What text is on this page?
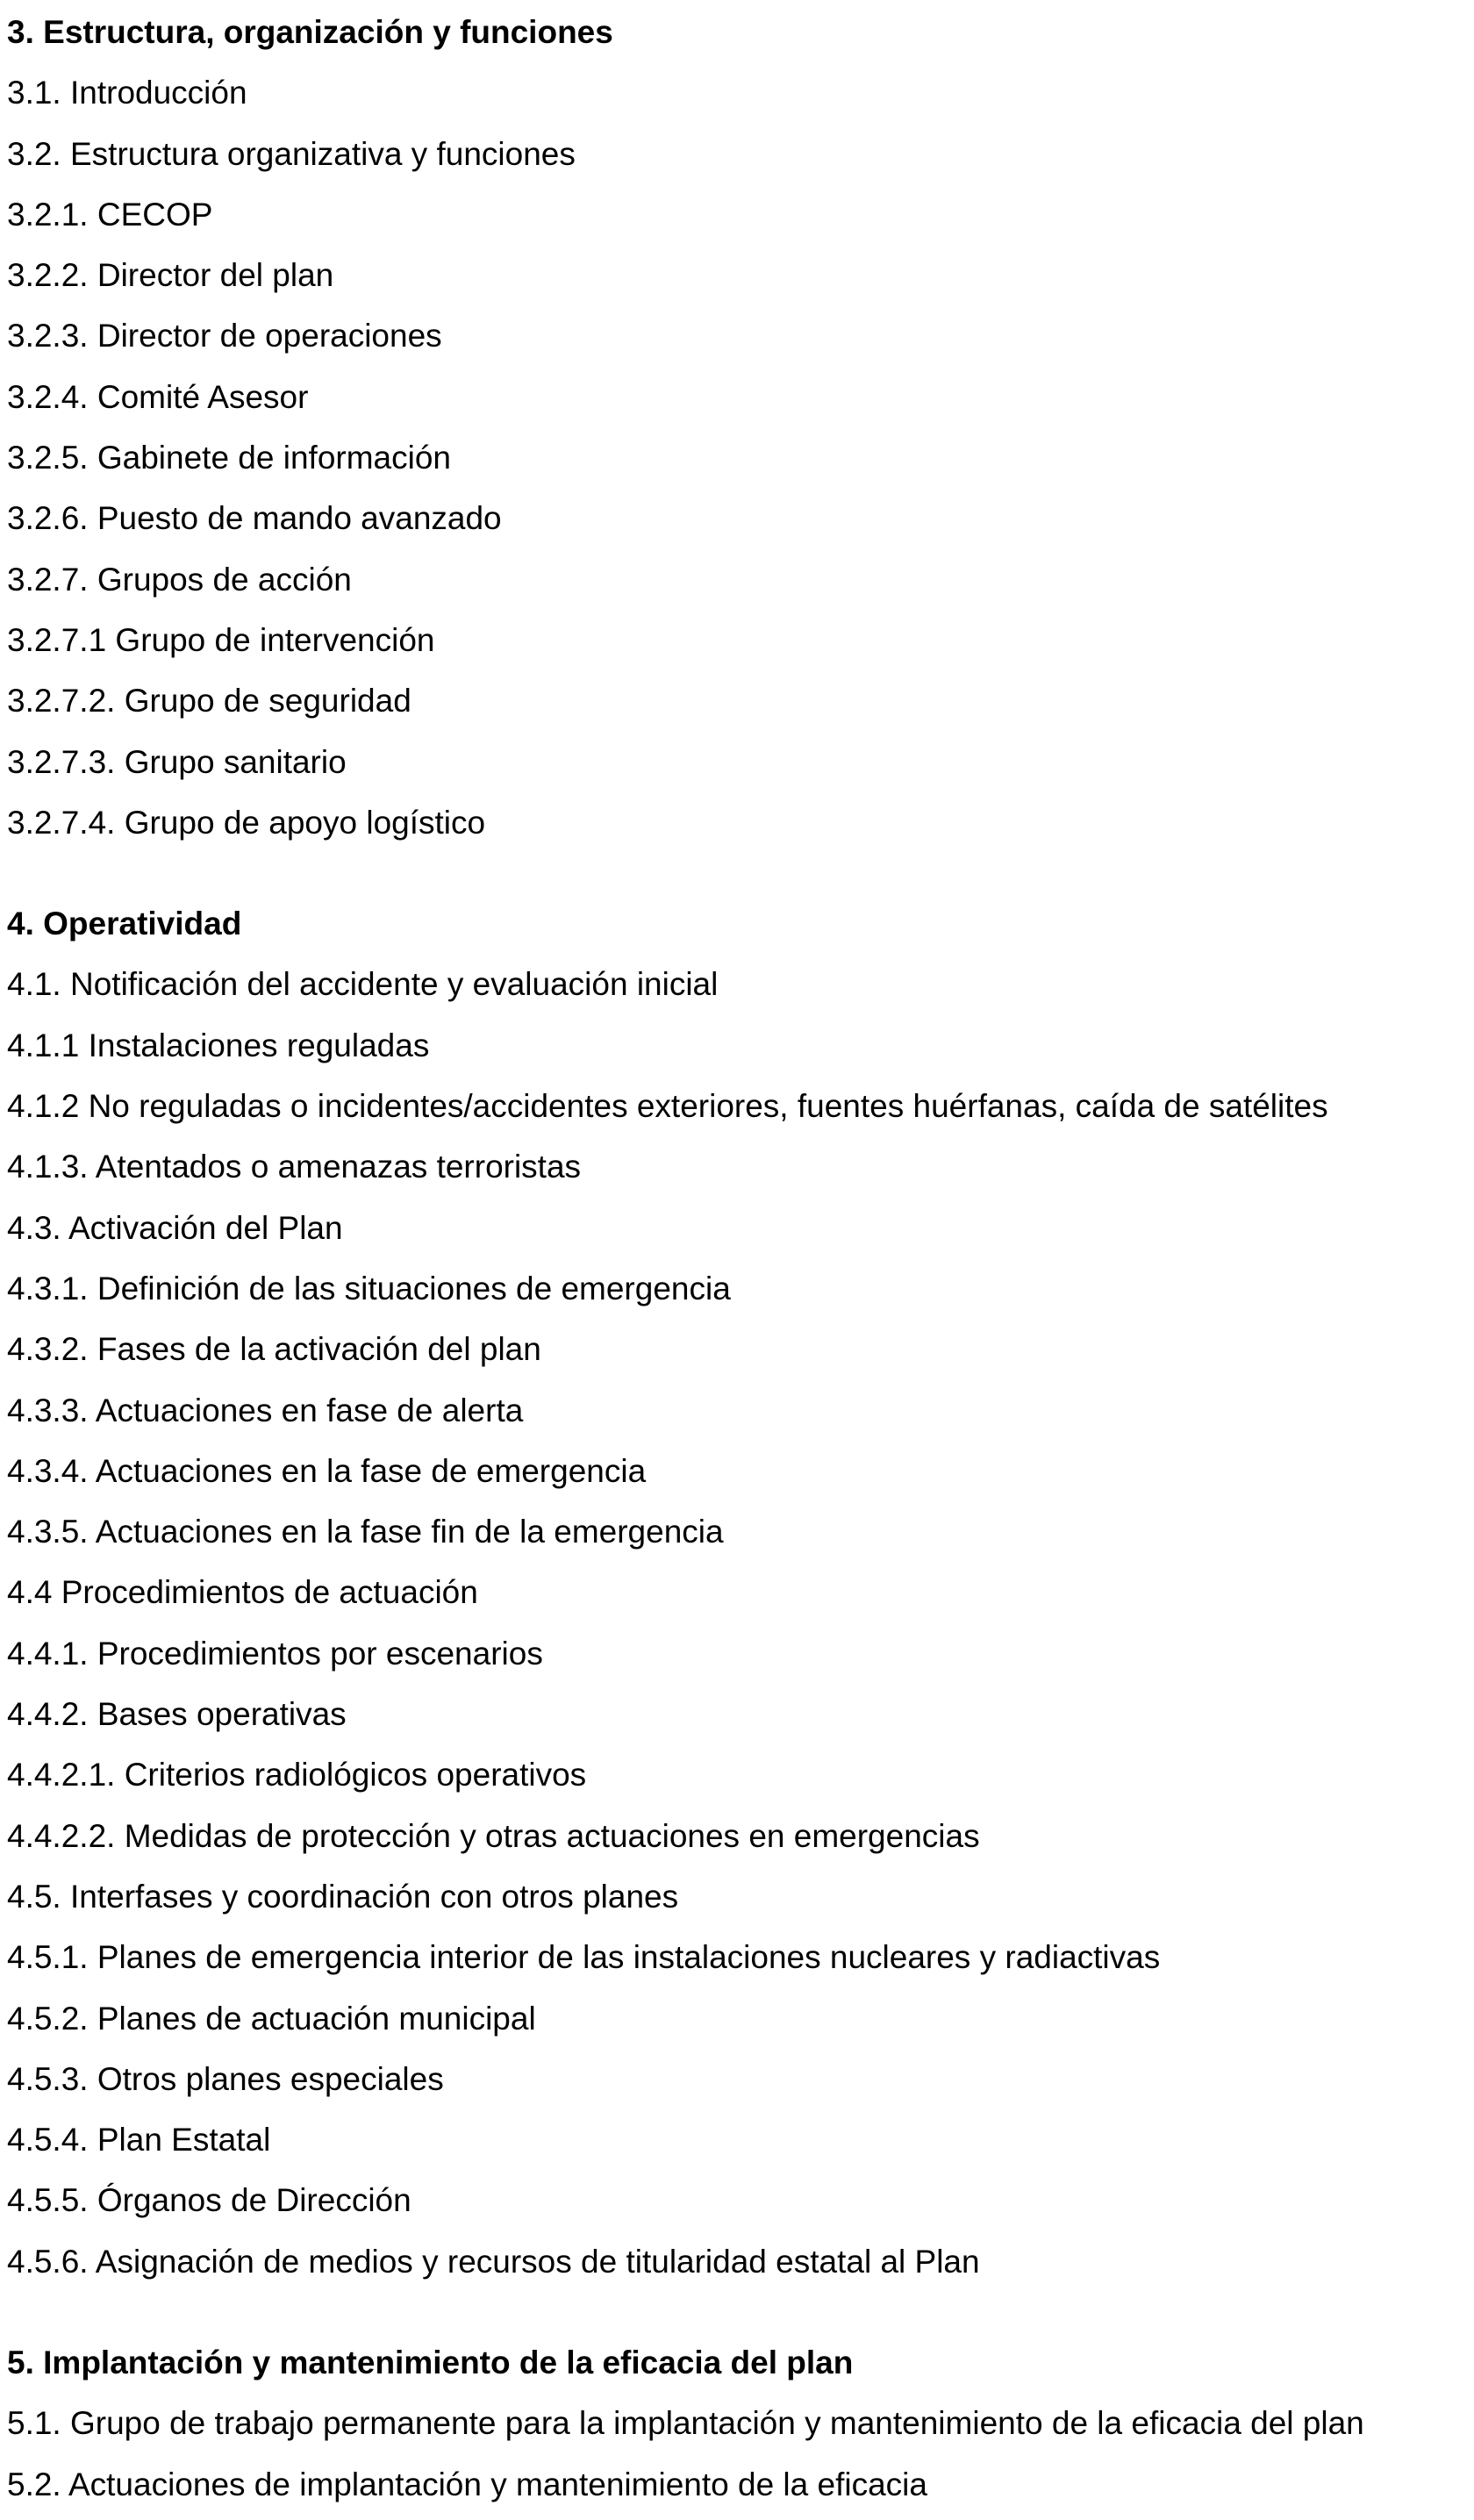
3. Estructura, organización y funciones

3.1. Introducción

3.2. Estructura organizativa y funciones

3.2.1. CECOP

3.2.2. Director del plan

3.2.3. Director de operaciones

3.2.4. Comité Asesor

3.2.5. Gabinete de información

3.2.6. Puesto de mando avanzado

3.2.7. Grupos de acción

3.2.7.1 Grupo de intervención

3.2.7.2. Grupo de seguridad

3.2.7.3. Grupo sanitario

3.2.7.4. Grupo de apoyo logístico

4. Operatividad

4.1. Notificación del accidente y evaluación inicial

4.1.1 Instalaciones reguladas

4.1.2 No reguladas o incidentes/accidentes exteriores, fuentes huérfanas, caída de satélites

4.1.3. Atentados o amenazas terroristas

4.3. Activación del Plan

4.3.1. Definición de las situaciones de emergencia

4.3.2. Fases de la activación del plan

4.3.3. Actuaciones en fase de alerta

4.3.4. Actuaciones en la fase de emergencia

4.3.5. Actuaciones en la fase fin de la emergencia

4.4 Procedimientos de actuación

4.4.1. Procedimientos por escenarios

4.4.2. Bases operativas

4.4.2.1. Criterios radiológicos operativos

4.4.2.2. Medidas de protección y otras actuaciones en emergencias

4.5. Interfases y coordinación con otros planes

4.5.1. Planes de emergencia interior de las instalaciones nucleares y radiactivas

4.5.2. Planes de actuación municipal

4.5.3. Otros planes especiales

4.5.4. Plan Estatal

4.5.5. Órganos de Dirección

4.5.6. Asignación de medios y recursos de titularidad estatal al Plan

5. Implantación y mantenimiento de la eficacia del plan

5.1. Grupo de trabajo permanente para la implantación y mantenimiento de la eficacia del plan

5.2. Actuaciones de implantación y mantenimiento de la eficacia
